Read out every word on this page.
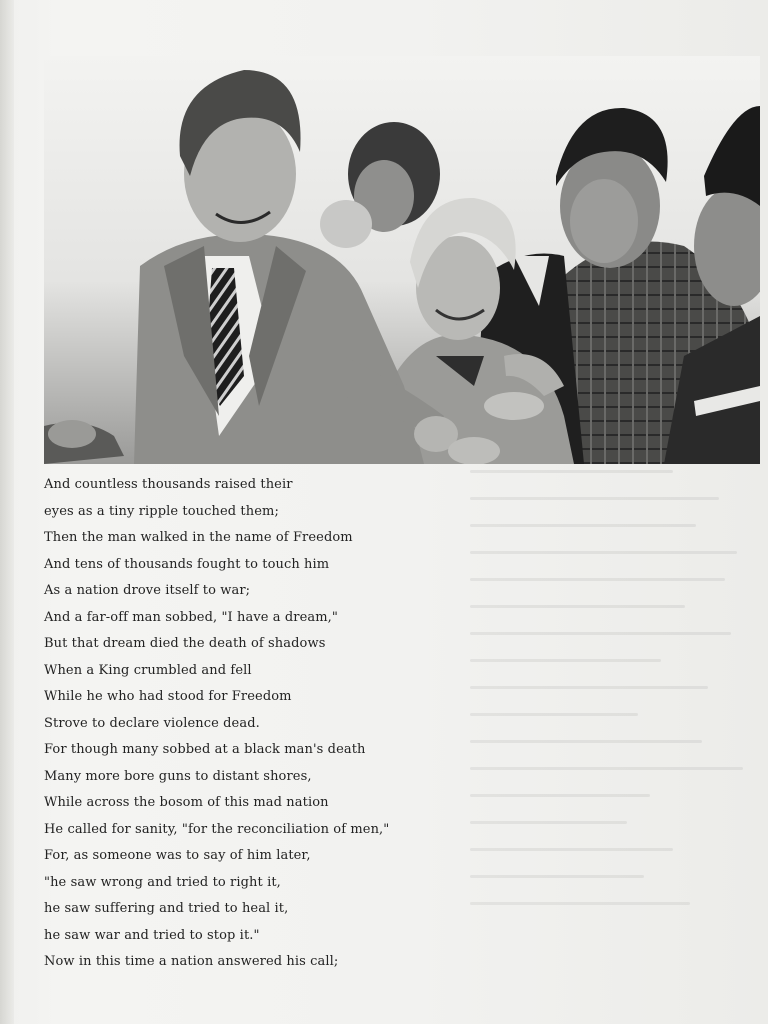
And countless thousands raised their
eyes as a tiny ripple touched them;
Then the man walked in the name of Freedom
And tens of thousands fought to touch him
As a nation drove itself to war;
And a far-off man sobbed, "I have a dream,"
But that dream died the death of shadows
When a King crumbled and fell
While he who had stood for Freedom
Strove to declare violence dead.
For though many sobbed at a black man's death
Many more bore guns to distant shores,
While across the bosom of this mad nation
He called for sanity, "for the reconciliation of men,"
For, as someone was to say of him later,
"he saw wrong and tried to right it,
he saw suffering and tried to heal it,
he saw war and tried to stop it."
Now in this time a nation answered his call;
